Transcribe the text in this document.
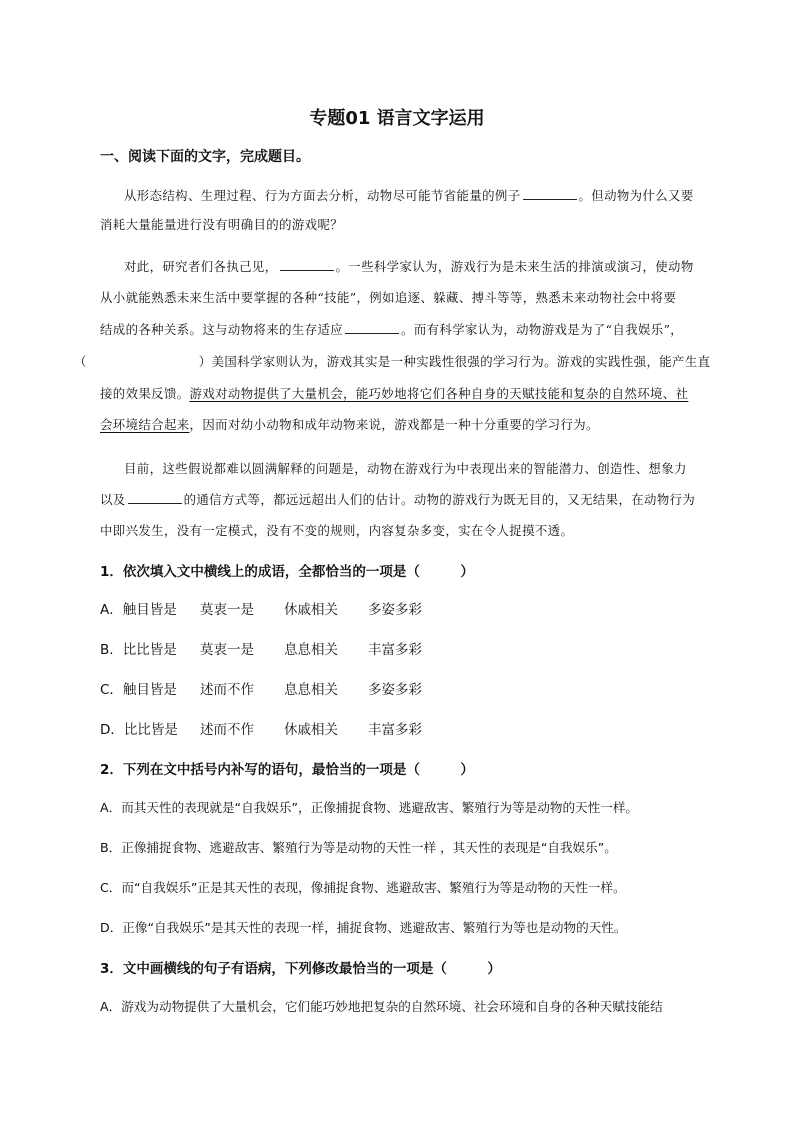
专题01 语言文字运用
一、阅读下面的文字，完成题目。
从形态结构、生理过程、行为方面去分析，动物尽可能节省能量的例子	。但动物为什么又要
消耗大量能量进行没有明确目的的游戏呢？
对此，研究者们各执己见，	。一些科学家认为，游戏行为是未来生活的排演或演习，使动物
从小就能熟悉未来生活中要掌握的各种“技能”，例如追逐、躲藏、搏斗等等，熟悉未来动物社会中将要
结成的各种关系。这与动物将来的生存适应	。而有科学家认为，动物游戏是为了“自我娱乐”，
（	）美国科学家则认为，游戏其实是一种实践性很强的学习行为。游戏的实践性强，能产生直
接的效果反馈。游戏对动物提供了大量机会，能巧妙地将它们各种自身的天赋技能和复杂的自然环境、社
会环境结合起来，因而对幼小动物和成年动物来说，游戏都是一种十分重要的学习行为。
目前，这些假说都难以圆满解释的问题是，动物在游戏行为中表现出来的智能潜力、创造性、想象力
以及	的通信方式等，都远远超出人们的估计。动物的游戏行为既无目的，又无结果，在动物行为
中即兴发生，没有一定模式，没有不变的规则，内容复杂多变，实在令人捉摸不透。
1．依次填入文中横线上的成语，全都恰当的一项是（　　　）
A．触目皆是 莫衷一是 休戚相关 多姿多彩
B．比比皆是 莫衷一是 息息相关 丰富多彩
C．触目皆是 述而不作 息息相关 多姿多彩
D．比比皆是 述而不作 休戚相关 丰富多彩
2．下列在文中括号内补写的语句，最恰当的一项是（　　　）
A．而其天性的表现就是“自我娱乐”，正像捕捉食物、逃避敌害、繁殖行为等是动物的天性一样。
B．正像捕捉食物、逃避敌害、繁殖行为等是动物的天性一样 ，其天性的表现是“自我娱乐”。
C．而“自我娱乐”正是其天性的表现，像捕捉食物、逃避敌害、繁殖行为等是动物的天性一样。
D．正像“自我娱乐”是其天性的表现一样，捕捉食物、逃避敌害、繁殖行为等也是动物的天性。
3．文中画横线的句子有语病，下列修改最恰当的一项是（　　　）
A．游戏为动物提供了大量机会，它们能巧妙地把复杂的自然环境、社会环境和自身的各种天赋技能结
